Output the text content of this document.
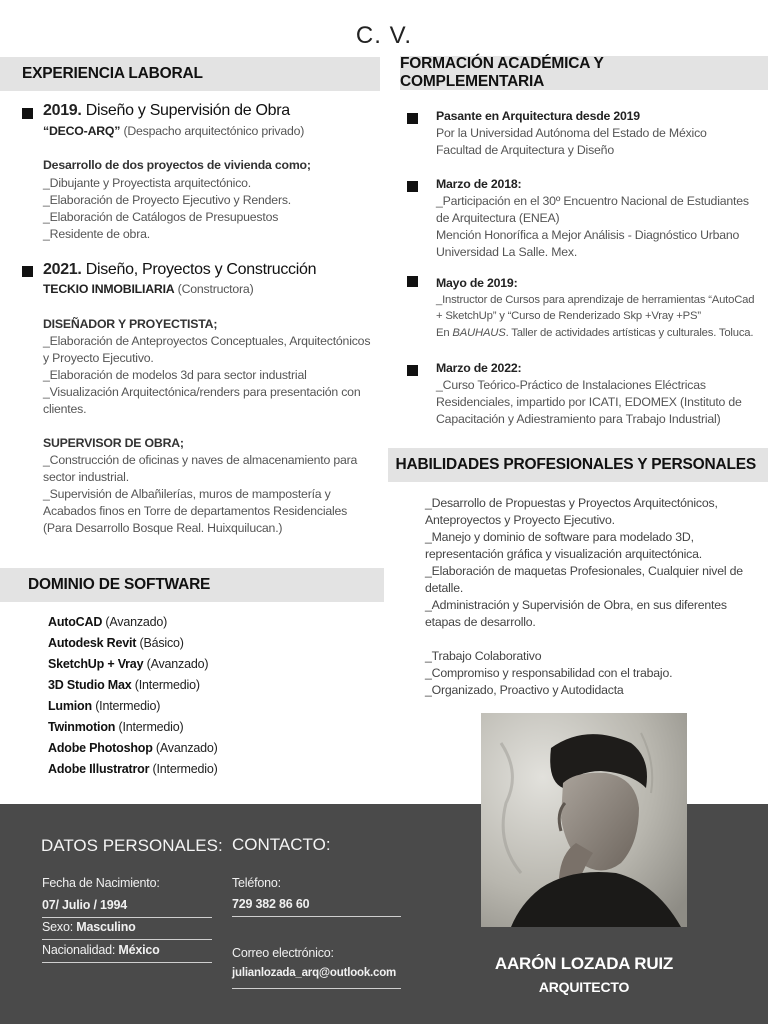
C. V.
EXPERIENCIA LABORAL
2019. Diseño y Supervisión de Obra
“DECO-ARQ” (Despacho arquitectónico privado)
Desarrollo de dos proyectos de vivienda como;
_Dibujante y Proyectista arquitectónico.
_Elaboración de Proyecto Ejecutivo y Renders.
_Elaboración de Catálogos de Presupuestos
_Residente de obra.
2021. Diseño, Proyectos y Construcción
TECKIO INMOBILIARIA (Constructora)
DISEÑADOR Y PROYECTISTA;
_Elaboración de Anteproyectos Conceptuales, Arquitectónicos
y Proyecto Ejecutivo.
_Elaboración de modelos 3d para sector industrial
_Visualización Arquitectónica/renders para presentación con
clientes.
SUPERVISOR DE OBRA;
_Construcción de oficinas y naves de almacenamiento para
sector industrial.
_Supervisión de Albañilerías, muros de mampostería y
Acabados finos en Torre de departamentos Residenciales
(Para Desarrollo Bosque Real. Huixquilucan.)
DOMINIO DE SOFTWARE
AutoCAD (Avanzado)
Autodesk Revit (Básico)
SketchUp + Vray (Avanzado)
3D Studio Max (Intermedio)
Lumion (Intermedio)
Twinmotion (Intermedio)
Adobe Photoshop (Avanzado)
Adobe Illustratror (Intermedio)
FORMACIÓN ACADÉMICA Y COMPLEMENTARIA
Pasante en Arquitectura desde 2019
Por la Universidad Autónoma del Estado de México
Facultad de Arquitectura y Diseño
Marzo de 2018:
_Participación en el 30º Encuentro Nacional de Estudiantes
de Arquitectura (ENEA)
Mención Honorífica a Mejor Análisis - Diagnóstico Urbano
Universidad La Salle. Mex.
Mayo de 2019:
_Instructor de Cursos para aprendizaje de herramientas “AutoCad
+ SketchUp” y “Curso de Renderizado Skp +Vray +PS”
En BAUHAUS. Taller de actividades artísticas y culturales. Toluca.
Marzo de 2022:
_Curso Teórico-Práctico de Instalaciones Eléctricas
Residenciales, impartido por ICATI, EDOMEX (Instituto de
Capacitación y Adiestramiento para Trabajo Industrial)
HABILIDADES PROFESIONALES Y PERSONALES
_Desarrollo de Propuestas y Proyectos Arquitectónicos,
Anteproyectos y Proyecto Ejecutivo.
_Manejo y dominio de software para modelado 3D,
representación gráfica y visualización arquitectónica.
_Elaboración de maquetas Profesionales, Cualquier nivel de
detalle.
_Administración y Supervisión de Obra, en sus diferentes
etapas de desarrollo.
_Trabajo Colaborativo
_Compromiso y responsabilidad con el trabajo.
_Organizado, Proactivo y Autodidacta
DATOS PERSONALES:
Fecha de Nacimiento:
07/ Julio / 1994
Sexo: Masculino
Nacionalidad: México
CONTACTO:
Teléfono:
729 382 86 60
Correo electrónico:
julianlozada_arq@outlook.com	AARÓN LOZADA RUIZ
ARQUITECTO
